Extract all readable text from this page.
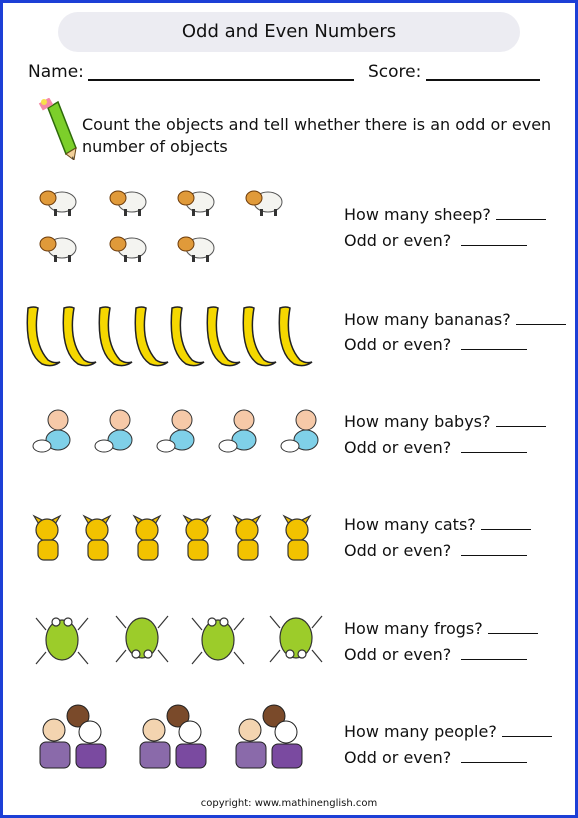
Odd and Even Numbers
Name:	Score:
Count the objects and tell whether there is an odd or even number of objects
How many sheep?
Odd or even?
How many bananas?
Odd or even?
How many babys?
Odd or even?
How many cats?
Odd or even?
How many frogs?
Odd or even?
How many people?
Odd or even?
copyright: www.mathinenglish.com
